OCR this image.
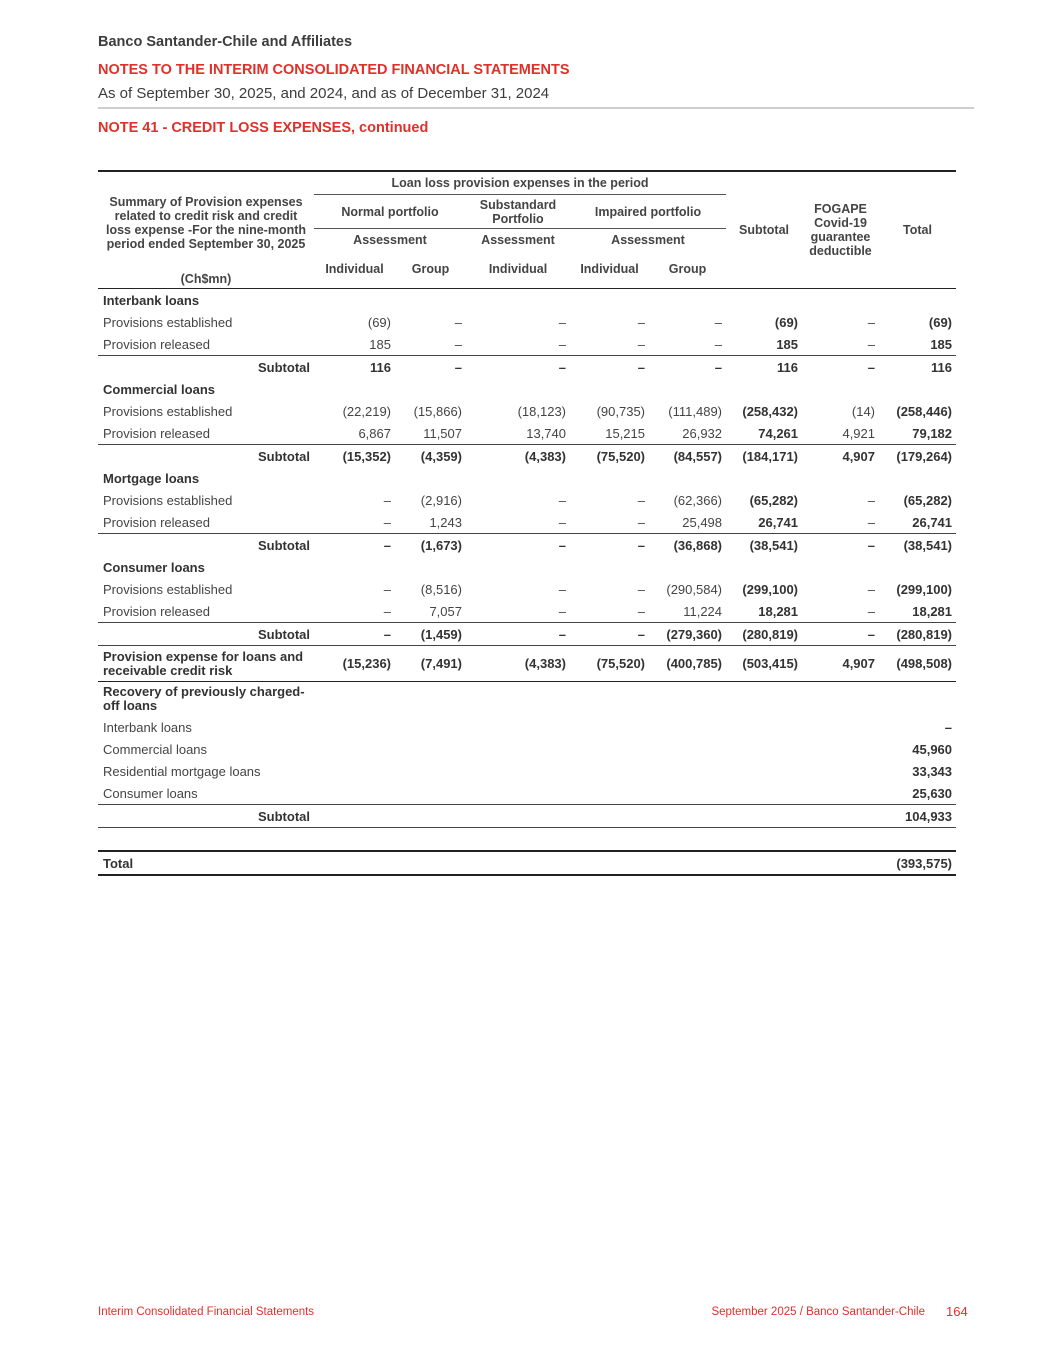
Banco Santander-Chile and Affiliates
NOTES TO THE INTERIM CONSOLIDATED FINANCIAL STATEMENTS
As of September 30, 2025, and 2024, and as of December 31, 2024
NOTE 41 - CREDIT LOSS EXPENSES, continued
Summary of Provision expenses related to credit risk and credit loss expense -For the nine-month period ended September 30, 2025	Loan loss provision expenses in the period					Subtotal	FOGAPE Covid-19 guarantee deductible	Total
	Normal portfolio		Substandard Portfolio	Impaired portfolio				
	Assessment		Assessment	Assessment				
(Ch$mn)	Individual	Group	Individual	Individual	Group			
Interbank loans								
Provisions established	(69)	–	–	–	–	(69)	–	(69)
Provision released	185	–	–	–	–	185	–	185
Subtotal	116	–	–	–	–	116	–	116
Commercial loans								
Provisions established	(22,219)	(15,866)	(18,123)	(90,735)	(111,489)	(258,432)	(14)	(258,446)
Provision released	6,867	11,507	13,740	15,215	26,932	74,261	4,921	79,182
Subtotal	(15,352)	(4,359)	(4,383)	(75,520)	(84,557)	(184,171)	4,907	(179,264)
Mortgage loans								
Provisions established	–	(2,916)	–	–	(62,366)	(65,282)	–	(65,282)
Provision released	–	1,243	–	–	25,498	26,741	–	26,741
Subtotal	–	(1,673)	–	–	(36,868)	(38,541)	–	(38,541)
Consumer loans								
Provisions established	–	(8,516)	–	–	(290,584)	(299,100)	–	(299,100)
Provision released	–	7,057	–	–	11,224	18,281	–	18,281
Subtotal	–	(1,459)	–	–	(279,360)	(280,819)	–	(280,819)
Provision expense for loans and receivable credit risk	(15,236)	(7,491)	(4,383)	(75,520)	(400,785)	(503,415)	4,907	(498,508)
Recovery of previously charged-off loans								
Interbank loans								–
Commercial loans								45,960
Residential mortgage loans								33,343
Consumer loans								25,630
Subtotal								104,933

Total								(393,575)
Interim Consolidated Financial Statements	September 2025 / Banco Santander-Chile 164
